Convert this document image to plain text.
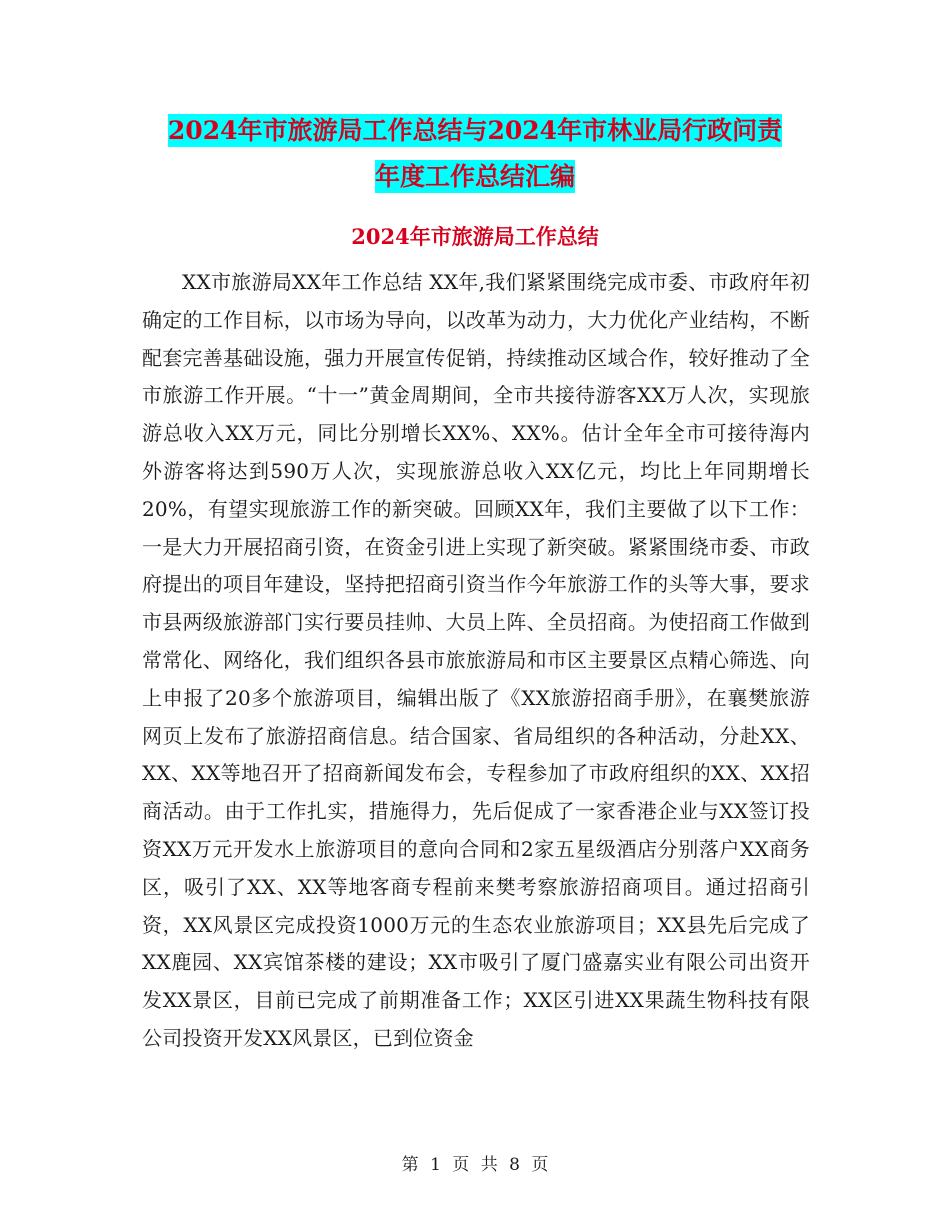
2024年市旅游局工作总结与2024年市林业局行政问责
年度工作总结汇编
2024年市旅游局工作总结

XX市旅游局XX年工作总结 XX年,我们紧紧围绕完成市委、市政府年初确定的工作目标，以市场为导向，以改革为动力，大力优化产业结构，不断配套完善基础设施，强力开展宣传促销，持续推动区域合作，较好推动了全市旅游工作开展。“十一”黄金周期间，全市共接待游客XX万人次，实现旅游总收入XX万元，同比分别增长XX%、XX%。估计全年全市可接待海内外游客将达到590万人次，实现旅游总收入XX亿元，均比上年同期增长20%，有望实现旅游工作的新突破。回顾XX年，我们主要做了以下工作：一是大力开展招商引资，在资金引进上实现了新突破。紧紧围绕市委、市政府提出的项目年建设，坚持把招商引资当作今年旅游工作的头等大事，要求市县两级旅游部门实行要员挂帅、大员上阵、全员招商。为使招商工作做到常常化、网络化，我们组织各县市旅旅游局和市区主要景区点精心筛选、向上申报了20多个旅游项目，编辑出版了《XX旅游招商手册》，在襄樊旅游网页上发布了旅游招商信息。结合国家、省局组织的各种活动，分赴XX、XX、XX等地召开了招商新闻发布会，专程参加了市政府组织的XX、XX招商活动。由于工作扎实，措施得力，先后促成了一家香港企业与XX签订投资XX万元开发水上旅游项目的意向合同和2家五星级酒店分别落户XX商务区，吸引了XX、XX等地客商专程前来樊考察旅游招商项目。通过招商引资，XX风景区完成投资1000万元的生态农业旅游项目；XX县先后完成了XX鹿园、XX宾馆茶楼的建设；XX市吸引了厦门盛嘉实业有限公司出资开发XX景区，目前已完成了前期准备工作；XX区引进XX果蔬生物科技有限公司投资开发XX风景区，已到位资金

第 1 页 共 8 页
